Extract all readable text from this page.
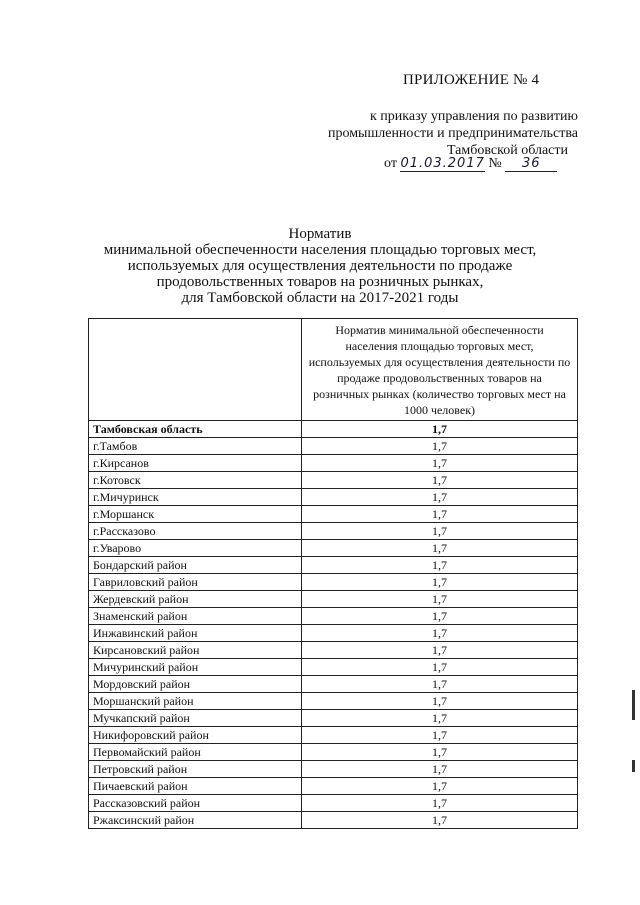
ПРИЛОЖЕНИЕ № 4
к приказу управления по развитию
промышленности и предпринимательства

Тамбовской области
от 01.03.2017 № 36
Норматив
минимальной обеспеченности населения площадью торговых мест,
используемых для осуществления деятельности по продаже
продовольственных товаров на розничных рынках,
для Тамбовской области на 2017-2021 годы
	Норматив минимальной обеспеченности населения площадью торговых мест, используемых для осуществления деятельности по продаже продовольственных товаров на розничных рынках (количество торговых мест на 1000 человек)
Тамбовская область	1,7
г.Тамбов	1,7
г.Кирсанов	1,7
г.Котовск	1,7
г.Мичуринск	1,7
г.Моршанск	1,7
г.Рассказово	1,7
г.Уварово	1,7
Бондарский район	1,7
Гавриловский район	1,7
Жердевский район	1,7
Знаменский район	1,7
Инжавинский район	1,7
Кирсановский район	1,7
Мичуринский район	1,7
Мордовский район	1,7
Моршанский район	1,7
Мучкапский район	1,7
Никифоровский район	1,7
Первомайский район	1,7
Петровский район	1,7
Пичаевский район	1,7
Рассказовский район	1,7
Ржаксинский район	1,7
